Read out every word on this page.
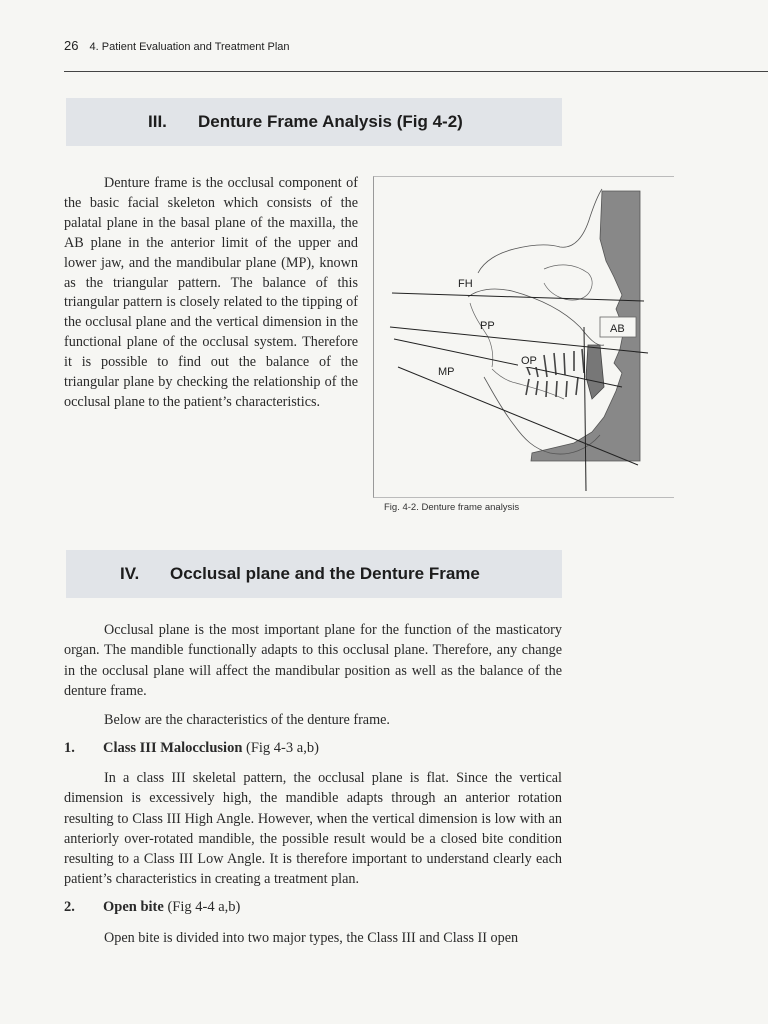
26 4. Patient Evaluation and Treatment Plan
III.	Denture Frame Analysis (Fig 4-2)

Denture frame is the occlusal component of the basic facial skeleton which consists of the palatal plane in the basal plane of the maxilla, the AB plane in the anterior limit of the upper and lower jaw, and the mandibular plane (MP), known as the triangular pattern. The balance of this triangular pattern is closely related to the tipping of the occlusal plane and the vertical dimension in the functional plane of the occlusal system. Therefore it is possible to find out the balance of the triangular plane by checking the relationship of the occlusal plane to the patient’s characteristics.

FH
PP	AB
OP
MP
Fig. 4-2. Denture frame analysis
IV.	Occlusal plane and the Denture Frame

Occlusal plane is the most important plane for the function of the masticatory organ. The mandible functionally adapts to this occlusal plane. Therefore, any change in the occlusal plane will affect the mandibular position as well as the balance of the denture frame.

Below are the characteristics of the denture frame.

1. Class III Malocclusion (Fig 4-3 a,b)

In a class III skeletal pattern, the occlusal plane is flat. Since the vertical dimension is excessively high, the mandible adapts through an anterior rotation resulting to Class III High Angle. However, when the vertical dimension is low with an anteriorly over-rotated mandible, the possible result would be a closed bite condition resulting to a Class III Low Angle. It is therefore important to understand clearly each patient’s characteristics in creating a treatment plan.

2. Open bite (Fig 4-4 a,b)

Open bite is divided into two major types, the Class III and Class II open
